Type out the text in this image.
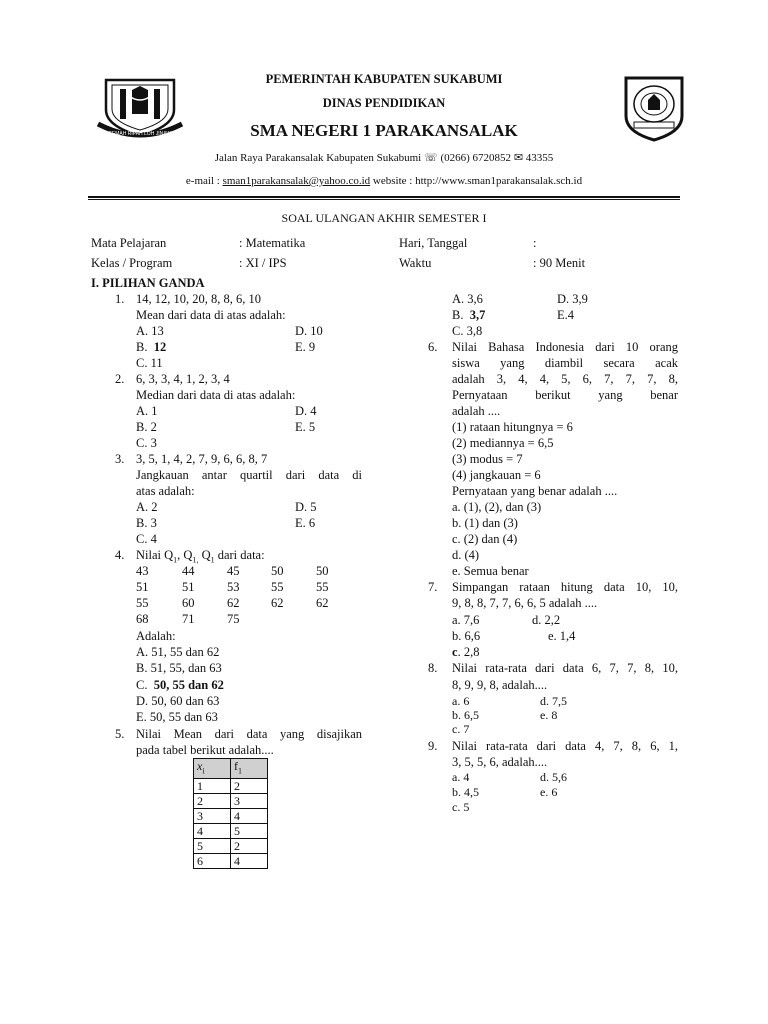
GEMAH RIPAH LOH JINAWI
PEMERINTAH KABUPATEN SUKABUMI
DINAS PENDIDIKAN
SMA NEGERI 1 PARAKANSALAK
Jalan Raya Parakansalak Kabupaten Sukabumi ☏ (0266) 6720852 ✉ 43355
e-mail : sman1parakansalak@yahoo.co.id website : http://www.sman1parakansalak.sch.id
SOAL ULANGAN AKHIR SEMESTER I
Mata Pelajaran	: Matematika	Hari, Tanggal	:
Kelas / Program	: XI / IPS	Waktu	: 90 Menit
I. PILIHAN GANDA
1. 14, 12, 10, 20, 8, 8, 6, 10
Mean dari data di atas adalah:
A. 13	D. 10
B. 12	E. 9
C. 11
2. 6, 3, 3, 4, 1, 2, 3, 4
Median dari data di atas adalah:
A. 1	D. 4
B. 2	E. 5
C. 3
3. 3, 5, 1, 4, 2, 7, 9, 6, 6, 8, 7
Jangkauan antar quartil dari data di
atas adalah:
A. 2	D. 5
B. 3	E. 6
C. 4
4. Nilai $Q_1$, $Q_{1,}$ $Q_1$ dari data:
43	44	45	50	50
51	51	53	55	55
55	60	62	62	62
68	71	75
Adalah:
A. 51, 55 dan 62
B. 51, 55, dan 63
C. 50, 55 dan 62
D. 50, 60 dan 63
E. 50, 55 dan 63
5. Nilai Mean dari data yang disajikan
pada tabel berikut adalah....
$x_i$	$f_1$
1	2
2	3
3	4
4	5
5	2
6	4
A. 3,6	D. 3,9
B. 3,7	E.4
C. 3,8
6. Nilai Bahasa Indonesia dari 10 orang
siswa yang diambil secara acak
adalah 3, 4, 4, 5, 6, 7, 7, 7, 8,
Pernyataan berikut yang benar
adalah ....
(1) rataan hitungnya = 6
(2) mediannya = 6,5
(3) modus = 7
(4) jangkauan = 6
Pernyataan yang benar adalah ....
a. (1), (2), dan (3)
b. (1) dan (3)
c. (2) dan (4)
d. (4)
e. Semua benar
7. Simpangan rataan hitung data 10, 10,
9, 8, 8, 7, 7, 6, 6, 5 adalah ....
a. 7,6	d. 2,2
b. 6,6	e. 1,4
c. 2,8
8. Nilai rata-rata dari data 6, 7, 7, 8, 10,
8, 9, 9, 8, adalah....
a. 6	d. 7,5
b. 6,5	e. 8
c. 7
9. Nilai rata-rata dari data 4, 7, 8, 6, 1,
3, 5, 5, 6, adalah....
a. 4	d. 5,6
b. 4,5	e. 6
c. 5
